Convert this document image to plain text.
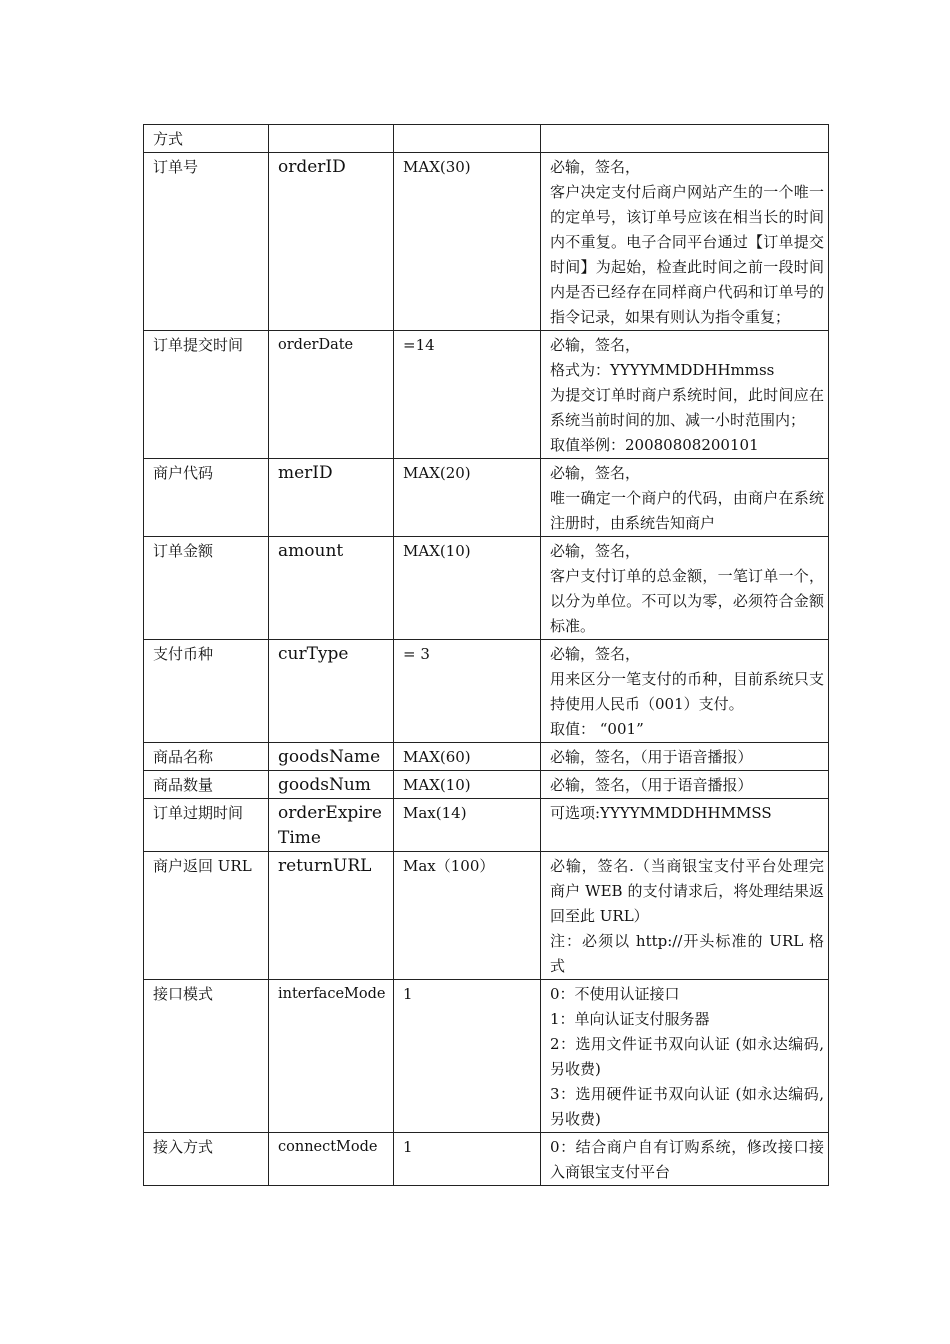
方式			
订单号	orderID	MAX(30)	必输，签名，
客户决定支付后商户网站产生的一个唯一的定单号，该订单号应该在相当长的时间内不重复。电子合同平台通过【订单提交时间】为起始，检查此时间之前一段时间内是否已经存在同样商户代码和订单号的指令记录，如果有则认为指令重复；

订单提交时间	orderDate	=14	必输，签名，
格式为：YYYYMMDDHHmmss
为提交订单时商户系统时间，此时间应在系统当前时间的加、减一小时范围内；
取值举例：20080808200101

商户代码	merID	MAX(20)	必输，签名，
唯一确定一个商户的代码，由商户在系统注册时，由系统告知商户

订单金额	amount	MAX(10)	必输，签名，
客户支付订单的总金额，一笔订单一个，以分为单位。不可以为零，必须符合金额标准。

支付币种	curType	= 3	必输，签名，
用来区分一笔支付的币种，目前系统只支持使用人民币（001）支付。
取值： “001”

商品名称	goodsName	MAX(60)	必输，签名，（用于语音播报）

商品数量	goodsNum	MAX(10)	必输，签名，（用于语音播报）

订单过期时间	orderExpireTime	Max(14)	可选项:YYYYMMDDHHMMSS

商户返回 URL	returnURL	Max（100）	必输，签名.（当商银宝支付平台处理完商户 WEB 的支付请求后，将处理结果返回至此 URL）
注：必须以 http://开头标准的 URL 格式

接口模式	interfaceMode	1	0：不使用认证接口
1：单向认证支付服务器
2：选用文件证书双向认证 (如永达编码,另收费)
3：选用硬件证书双向认证 (如永达编码,另收费)

接入方式	connectMode	1	0：结合商户自有订购系统，修改接口接入商银宝支付平台
